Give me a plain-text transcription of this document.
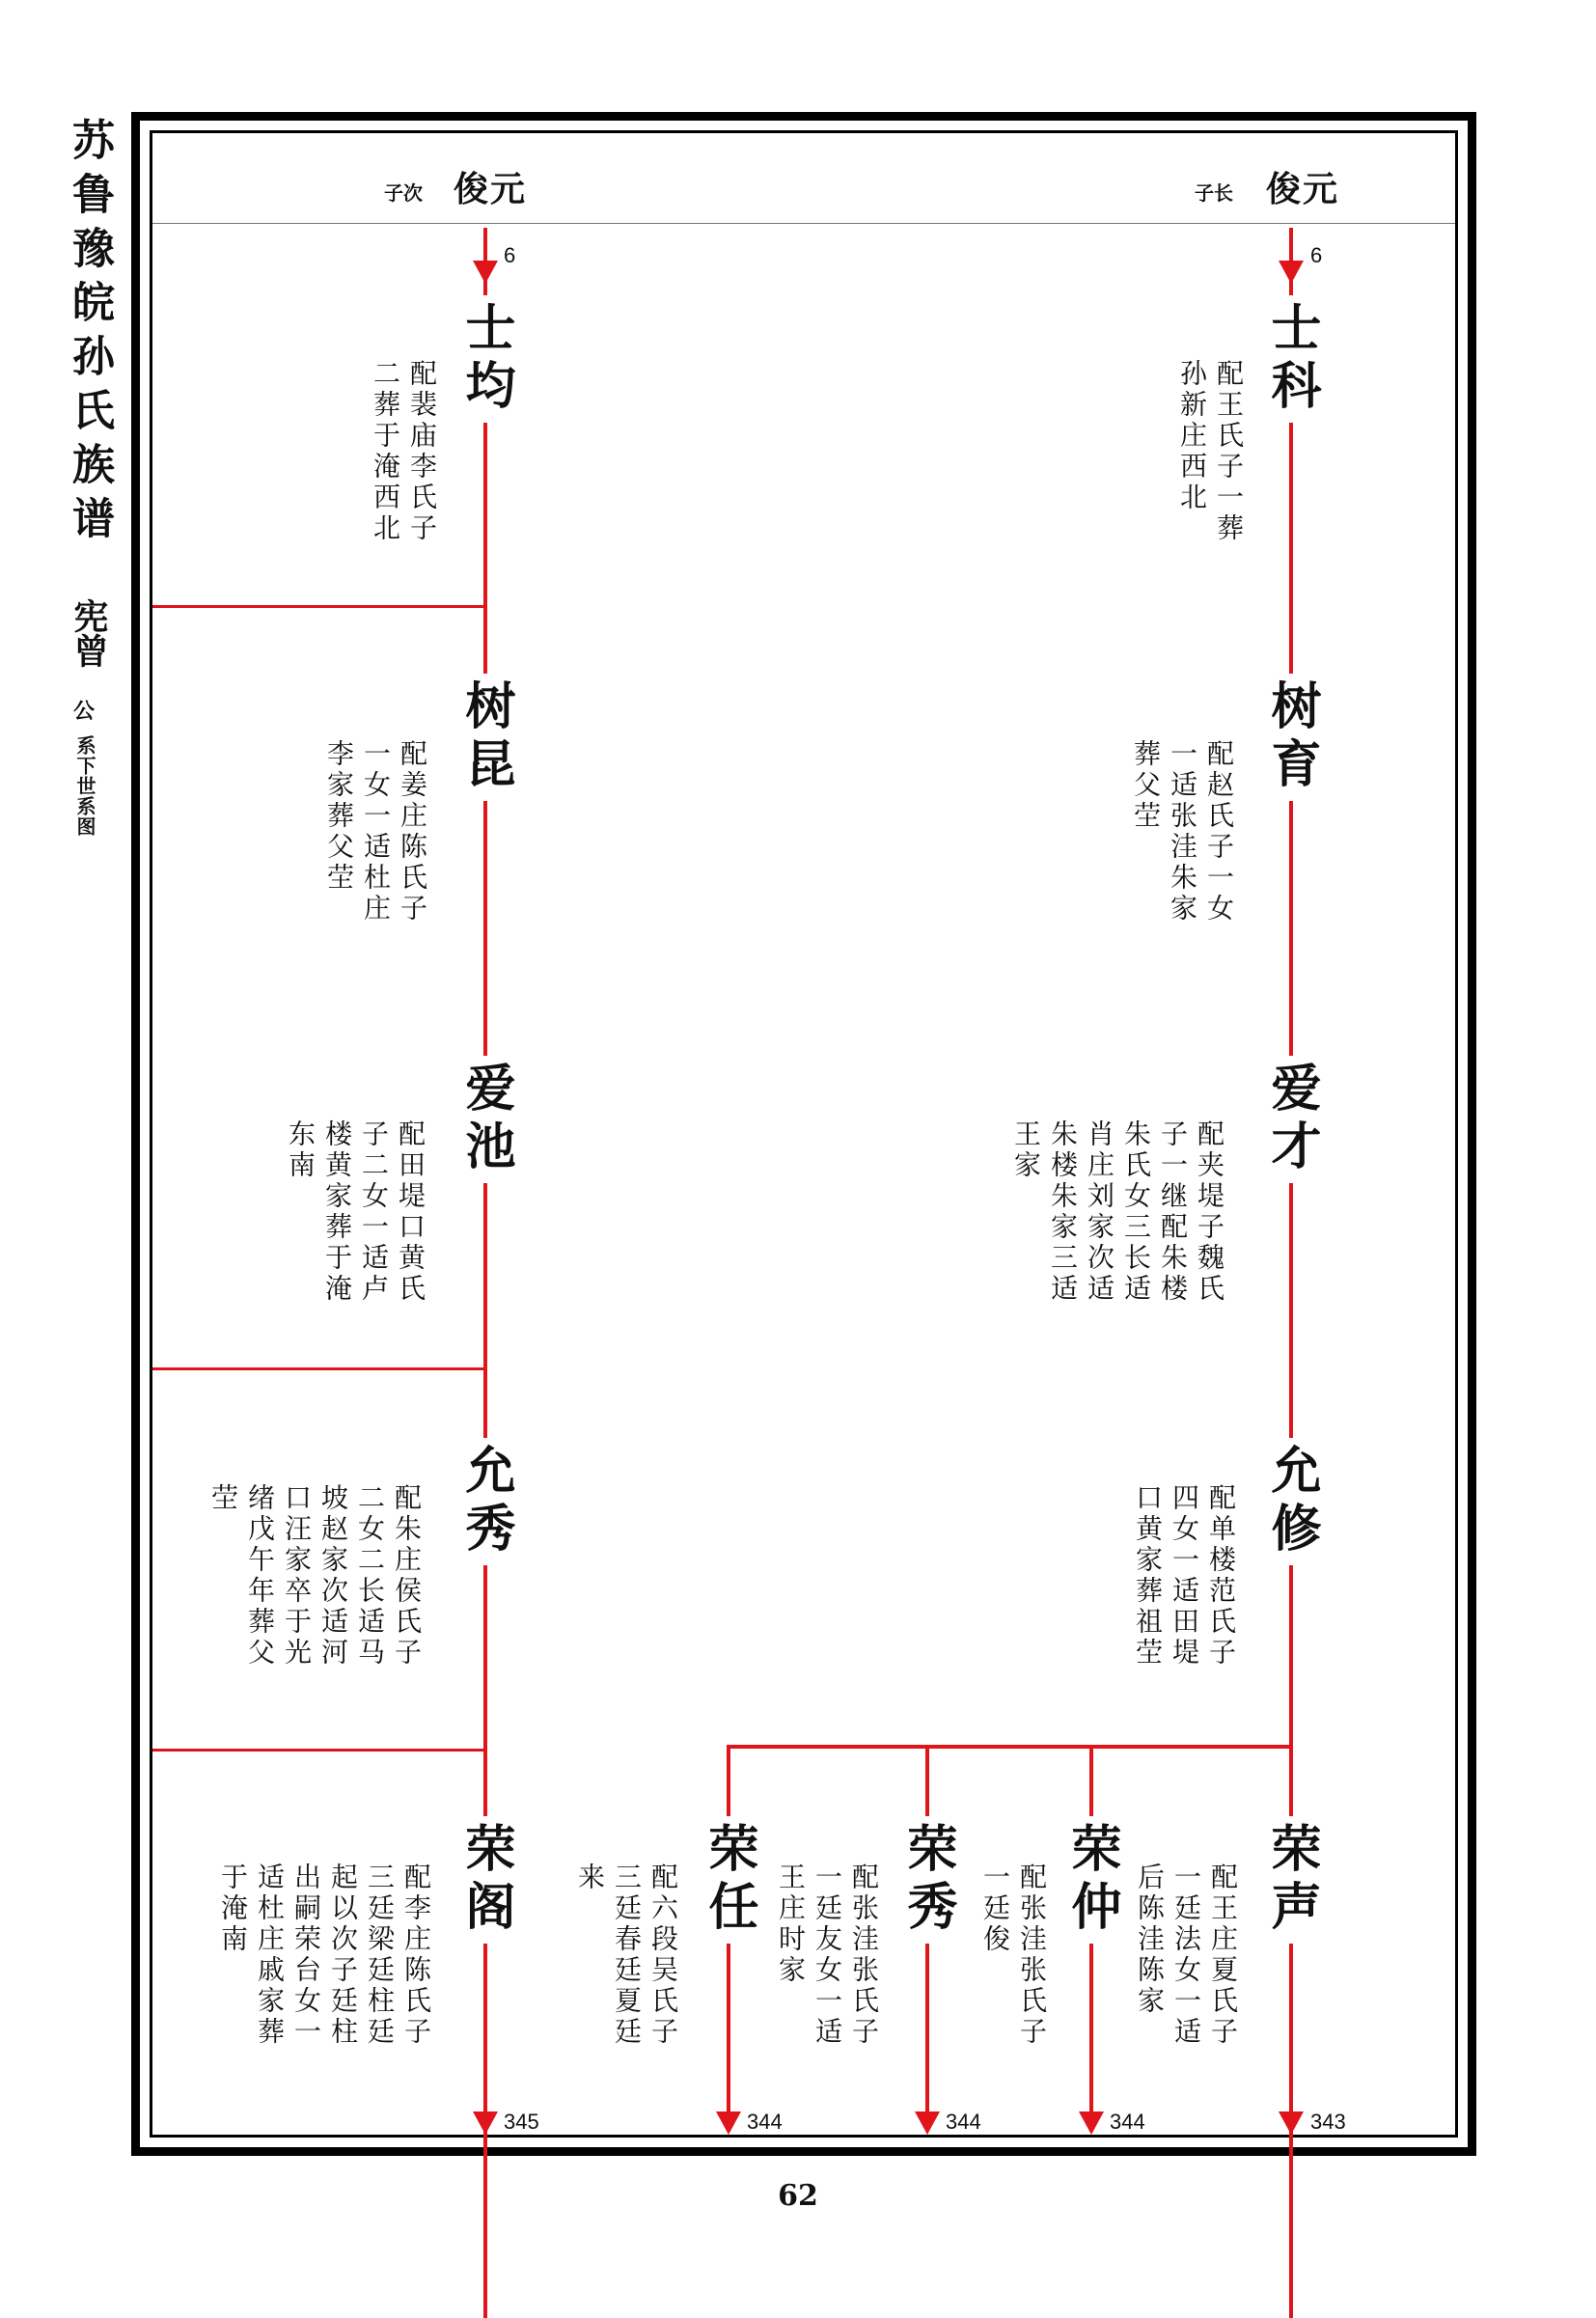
苏鲁豫皖孙氏族谱
宪曾
公
系下世系图
子次 俊元	子长 俊元
6
345
6
士均
配裴庙李氏子
二葬于淹西北
树昆
配姜庄陈氏子
一女一适杜庄
李家葬父茔
爱池
配田堤口黄氏
子二女一适卢
楼黄家葬于淹
东南
允秀
配朱庄侯氏子
二女二长适马
坡赵家次适河
口汪家卒于光
绪戊午年葬父
茔
荣阁
配李庄陈氏子
三廷梁廷柱廷
起以次子廷柱
出嗣荣台女一
适杜庄戚家葬
于淹南
士科
配王氏子一葬
孙新庄西北
树育
配赵氏子一女
一适张洼朱家
葬父茔
爱才
配夹堤子魏氏
子一继配朱楼
朱氏女三长适
肖庄刘家次适
朱楼朱家三适
王家
允修
配单楼范氏子
四女一适田堤
口黄家葬祖茔
荣任
配六段吴氏子
三廷春廷夏廷
来
344
荣秀
配张洼张氏子
一廷友女一适
王庄时家
344
荣仲
配张洼张氏子
一廷俊
344
荣声
配王庄夏氏子
一廷法女一适
后陈洼陈家
343
62
